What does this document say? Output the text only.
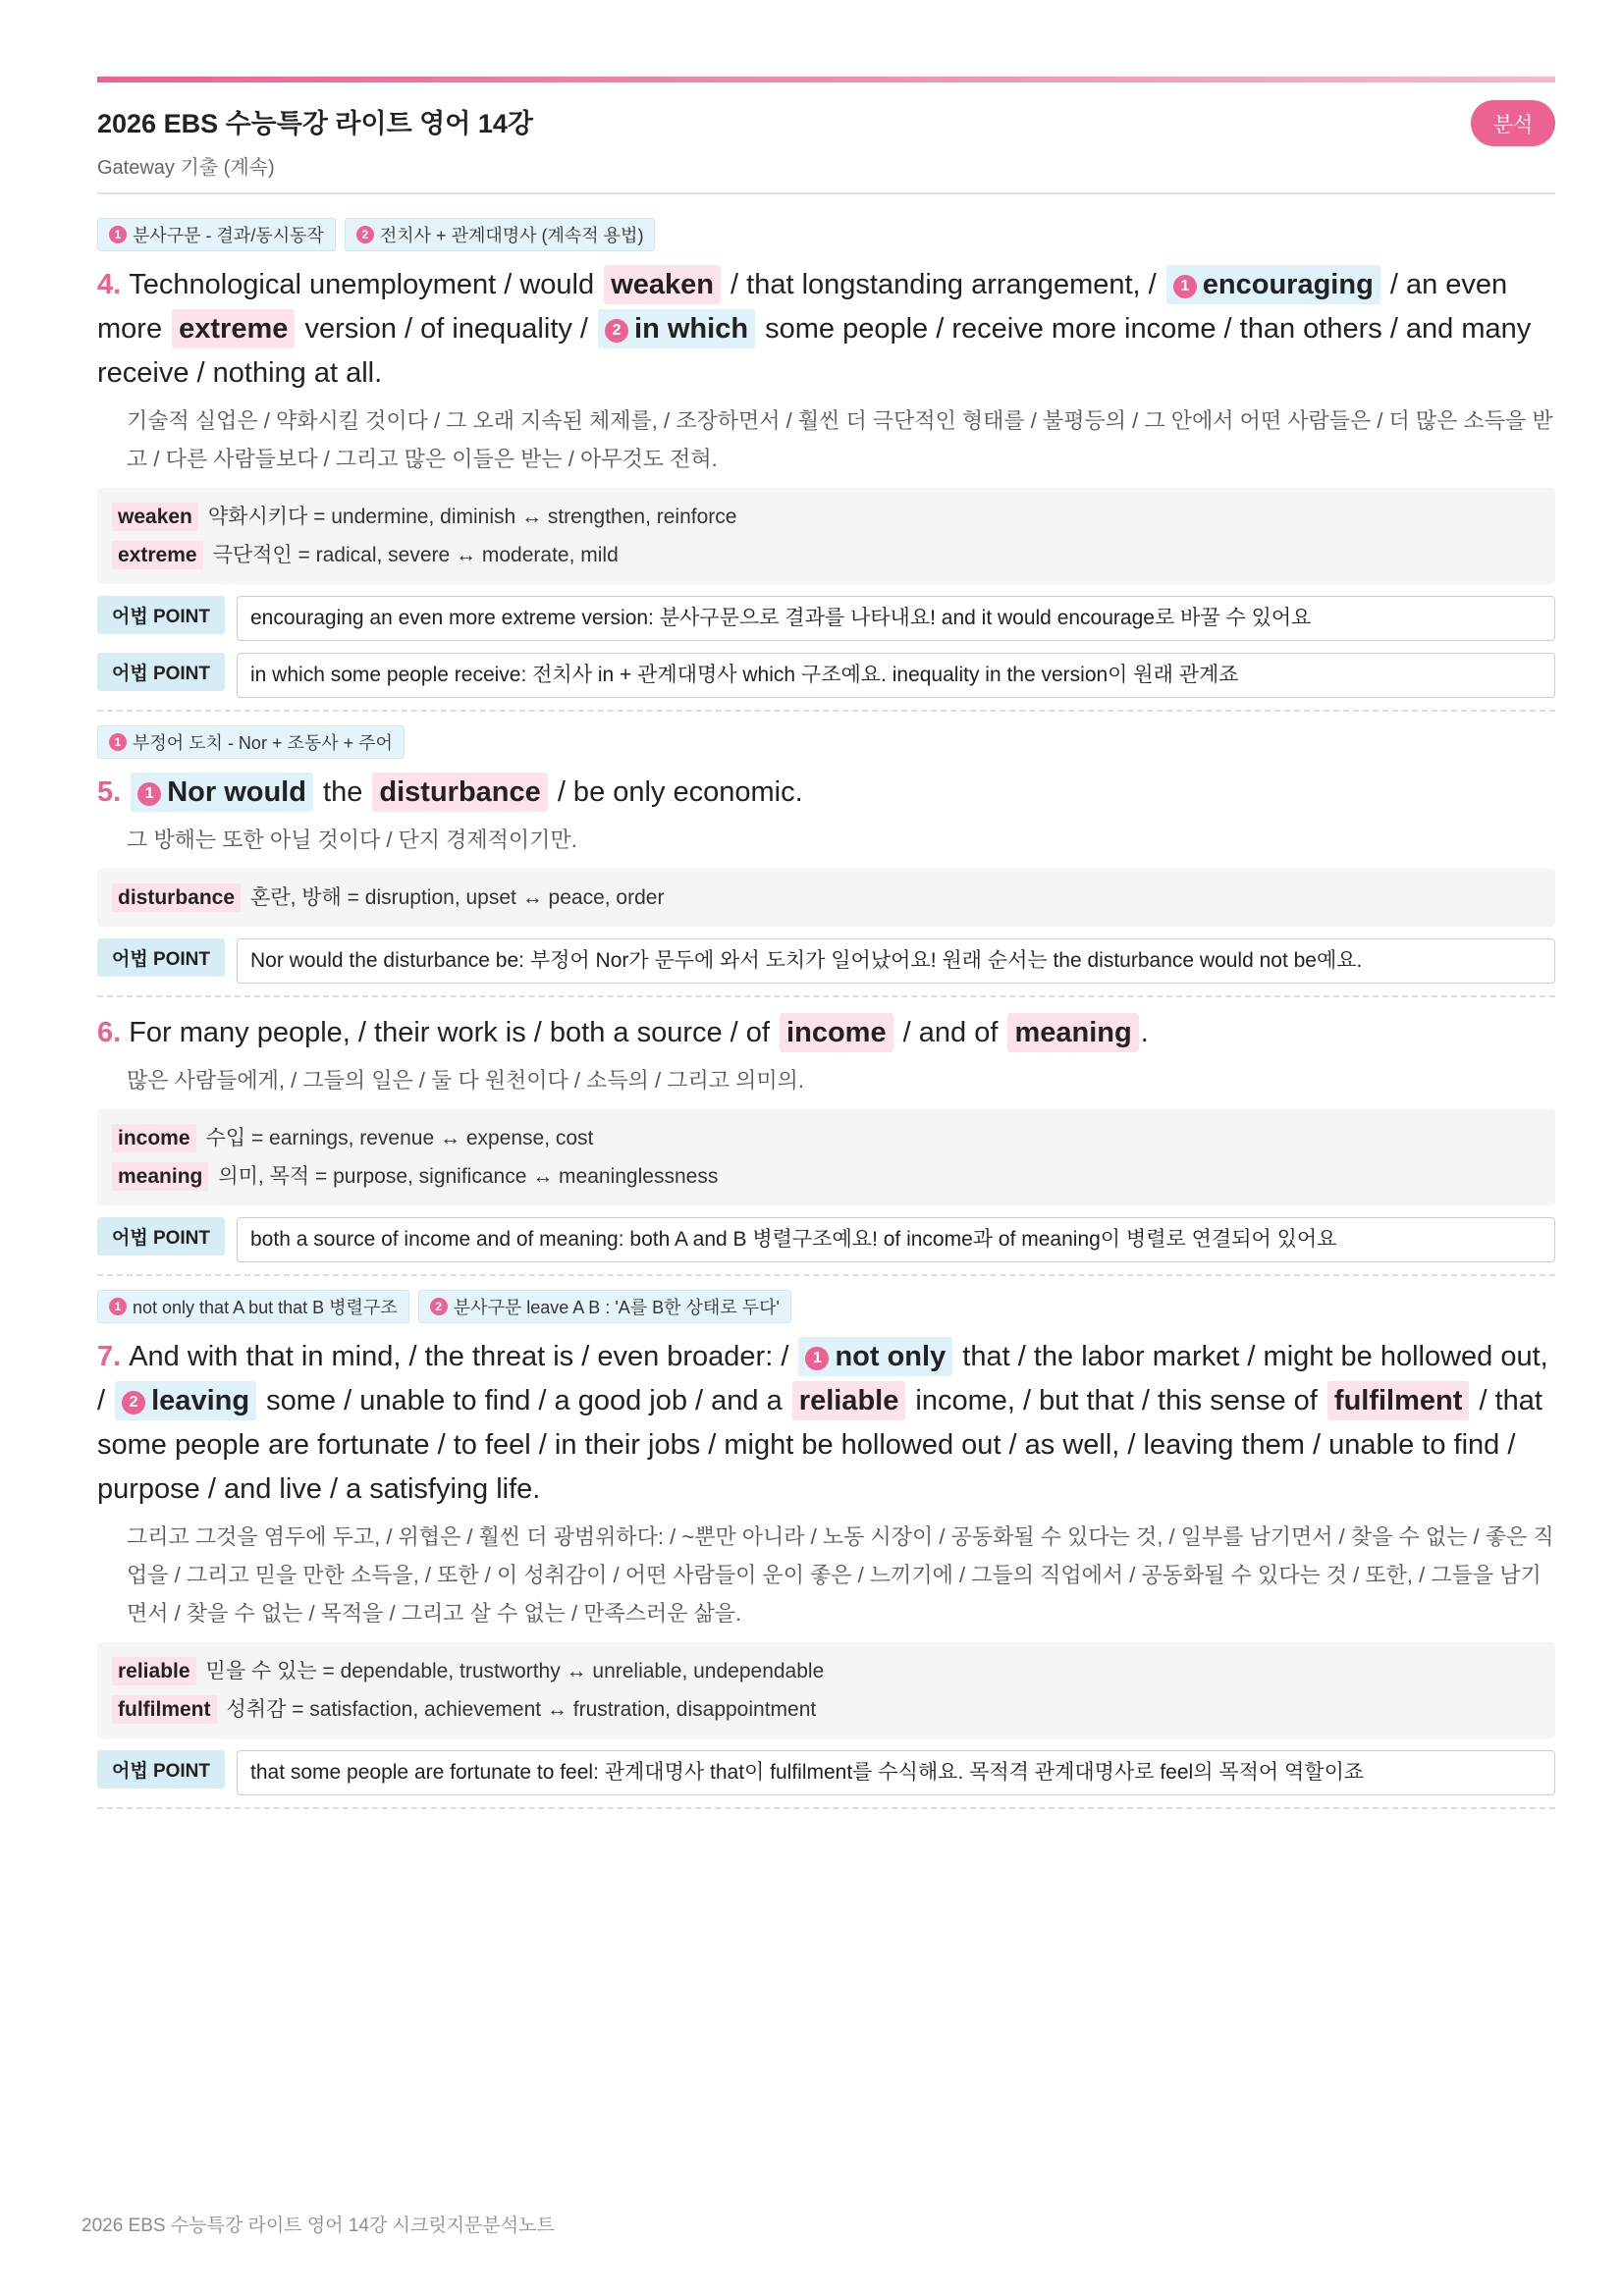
2026 EBS 수능특강 라이트 영어 14강
Gateway 기출 (계속)
분석
1 분사구문 - 결과/동시동작	2 전치사 + 관계대명사 (계속적 용법)

4. Technological unemployment / would weaken / that longstanding arrangement, / 1 encouraging / an even more extreme version / of inequality / 2 in which some people / receive more income / than others / and many receive / nothing at all.

기술적 실업은 / 약화시킬 것이다 / 그 오래 지속된 체제를, / 조장하면서 / 훨씬 더 극단적인 형태를 / 불평등의 / 그 안에서 어떤 사람들은 / 더 많은 소득을 받고 / 다른 사람들보다 / 그리고 많은 이들은 받는 / 아무것도 전혀.

weaken 약화시키다 = undermine, diminish ↔ strengthen, reinforce
extreme 극단적인 = radical, severe ↔ moderate, mild
어법 POINT	encouraging an even more extreme version: 분사구문으로 결과를 나타내요! and it would encourage로 바꿀 수 있어요
어법 POINT	in which some people receive: 전치사 in + 관계대명사 which 구조예요. inequality in the version이 원래 관계죠
1 부정어 도치 - Nor + 조동사 + 주어

5. 1 Nor would the disturbance / be only economic.

그 방해는 또한 아닐 것이다 / 단지 경제적이기만.

disturbance 혼란, 방해 = disruption, upset ↔ peace, order
어법 POINT	Nor would the disturbance be: 부정어 Nor가 문두에 와서 도치가 일어났어요! 원래 순서는 the disturbance would not be예요.

6. For many people, / their work is / both a source / of income / and of meaning .

많은 사람들에게, / 그들의 일은 / 둘 다 원천이다 / 소득의 / 그리고 의미의.

income 수입 = earnings, revenue ↔ expense, cost
meaning 의미, 목적 = purpose, significance ↔ meaninglessness
어법 POINT	both a source of income and of meaning: both A and B 병렬구조예요! of income과 of meaning이 병렬로 연결되어 있어요
1 not only that A but that B 병렬구조	2 분사구문 leave A B : 'A를 B한 상태로 두다'

7. And with that in mind, / the threat is / even broader: / 1 not only that / the labor market / might be hollowed out, / 2 leaving some / unable to find / a good job / and a reliable income, / but that / this sense of fulfilment / that some people are fortunate / to feel / in their jobs / might be hollowed out / as well, / leaving them / unable to find / purpose / and live / a satisfying life.

그리고 그것을 염두에 두고, / 위협은 / 훨씬 더 광범위하다: / ~뿐만 아니라 / 노동 시장이 / 공동화될 수 있다는 것, / 일부를 남기면서 / 찾을 수 없는 / 좋은 직업을 / 그리고 믿을 만한 소득을, / 또한 / 이 성취감이 / 어떤 사람들이 운이 좋은 / 느끼기에 / 그들의 직업에서 / 공동화될 수 있다는 것 / 또한, / 그들을 남기면서 / 찾을 수 없는 / 목적을 / 그리고 살 수 없는 / 만족스러운 삶을.

reliable 믿을 수 있는 = dependable, trustworthy ↔ unreliable, undependable
fulfilment 성취감 = satisfaction, achievement ↔ frustration, disappointment
어법 POINT	that some people are fortunate to feel: 관계대명사 that이 fulfilment를 수식해요. 목적격 관계대명사로 feel의 목적어 역할이죠
2026 EBS 수능특강 라이트 영어 14강 시크릿지문분석노트
